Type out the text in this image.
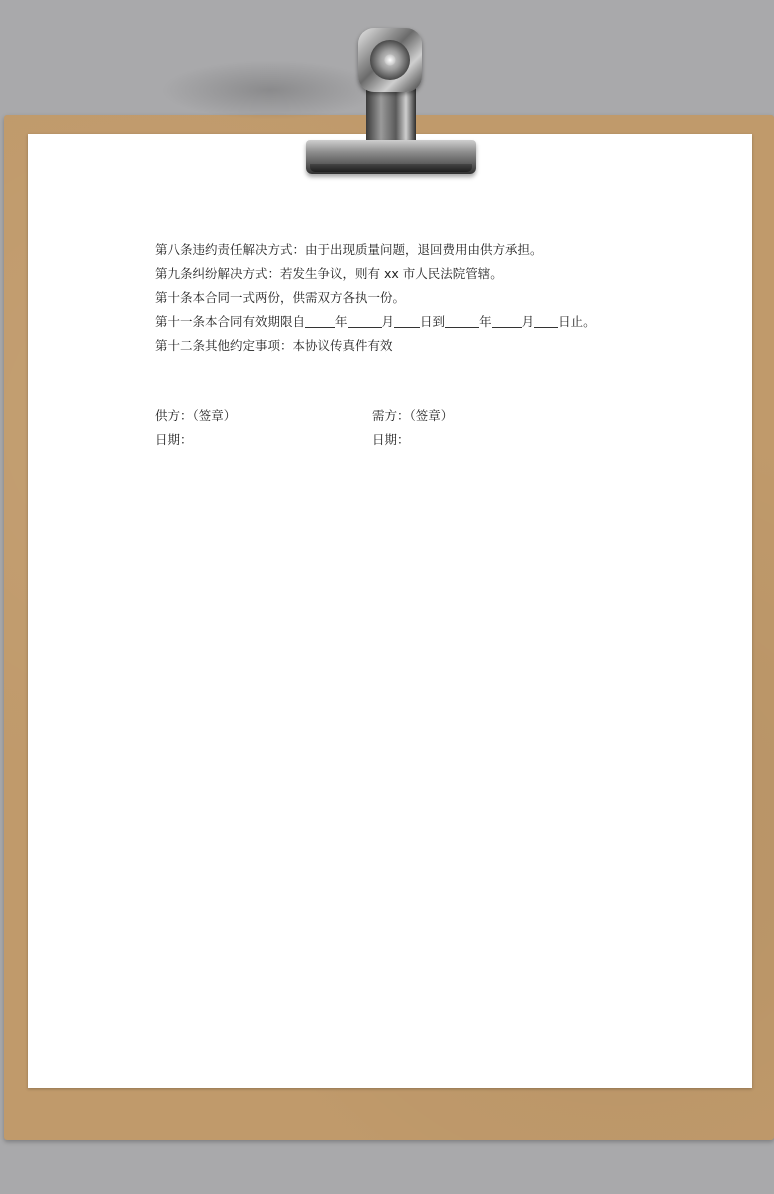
第八条违约责任解决方式：由于出现质量问题，退回费用由供方承担。
第九条纠纷解决方式：若发生争议，则有 xx 市人民法院管辖。
第十条本合同一式两份，供需双方各执一份。
第十一条本合同有效期限自 年	月 日到	年 月 日止。
第十二条其他约定事项：本协议传真件有效
供方：（签章）	需方：（签章）
日期：	日期：
